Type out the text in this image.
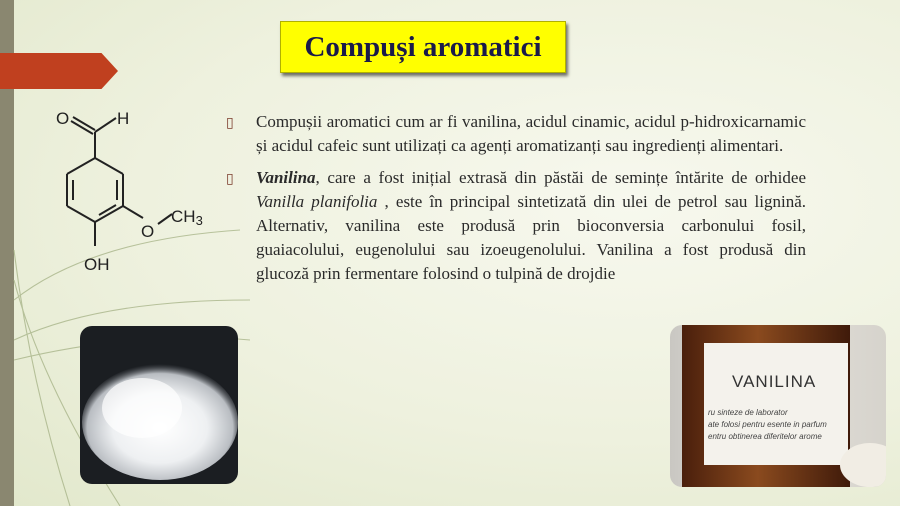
Compuși aromatici
O	H
O
CH3
OH

▯ Compușii aromatici cum ar fi vanilina, acidul cinamic, acidul p-hidroxicarnamic și acidul cafeic sunt utilizați ca agenți aromatizanți sau ingredienți alimentari.

▯ Vanilina, care a fost inițial extrasă din păstăi de semințe întărite de orhidee Vanilla planifolia , este în principal sintetizată din ulei de petrol sau lignină. Alternativ, vanilina este produsă prin bioconversia carbonului fosil, guaiacolului, eugenolului sau izoeugenolului. Vanilina a fost produsă din glucoză prin fermentare folosind o tulpină de drojdie

VANILINA
ru sinteze de laborator
ate folosi pentru esente in parfum
entru obtinerea diferitelor arome
